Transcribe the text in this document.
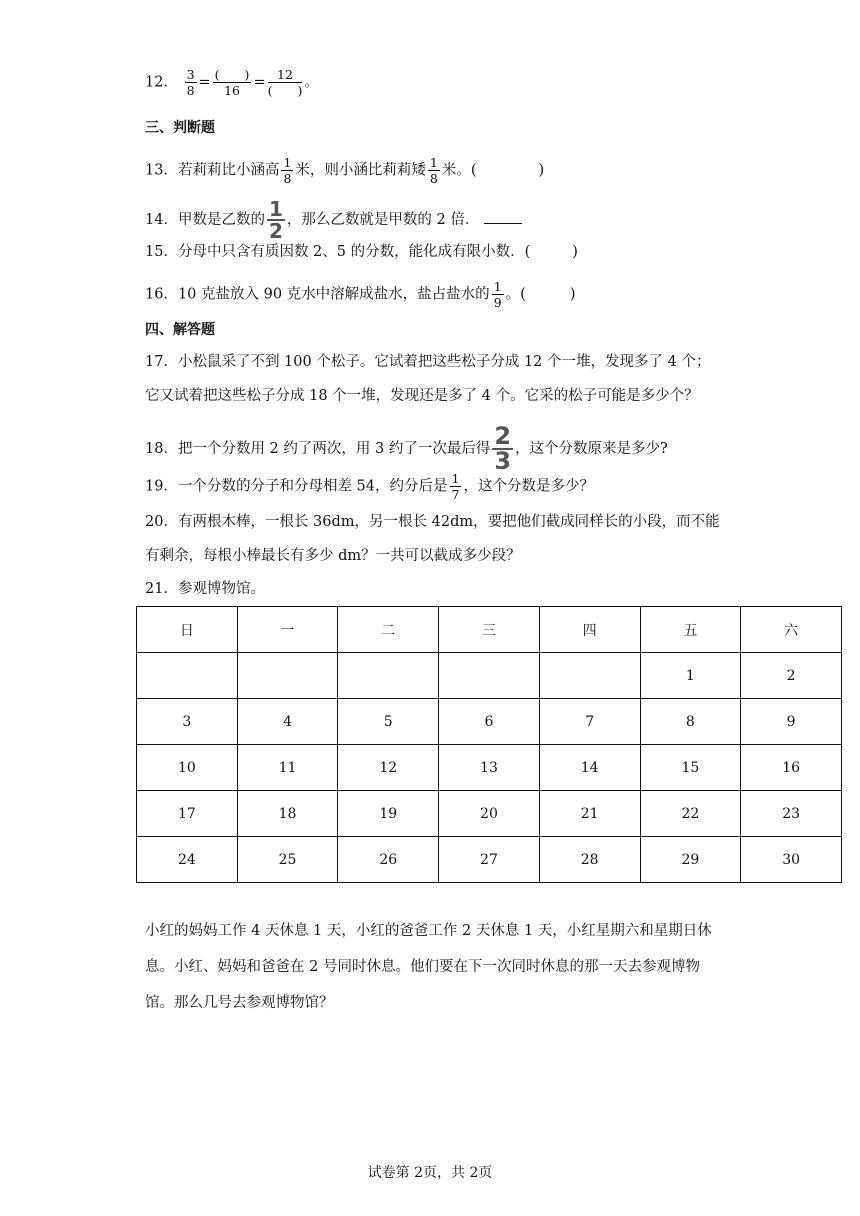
12． $\frac{3}{8} = \frac{( )}{16} = \frac{12}{( )}$ 。
三、判断题
13．若莉莉比小涵高 $\frac{1}{8}$ 米，则小涵比莉莉矮 $\frac{1}{8}$ 米。(	)
14．甲数是乙数的 $\frac{1}{2}$ ，那么乙数就是甲数的 2 倍．
15．分母中只含有质因数 2、5 的分数，能化成有限小数．(	)
16．10 克盐放入 90 克水中溶解成盐水，盐占盐水的 $\frac{1}{9}$ 。(	)
四、解答题
17．小松鼠采了不到 100 个松子。它试着把这些松子分成 12 个一堆，发现多了 4 个；
它又试着把这些松子分成 18 个一堆，发现还是多了 4 个。它采的松子可能是多少个？
18．把一个分数用 2 约了两次，用 3 约了一次最后得 $\frac{2}{3}$ ，这个分数原来是多少?
19．一个分数的分子和分母相差 54，约分后是 $\frac{1}{7}$ ，这个分数是多少？
20．有两根木棒，一根长 36dm，另一根长 42dm，要把他们截成同样长的小段，而不能
有剩余，每根小棒最长有多少 dm？一共可以截成多少段？
21．参观博物馆。
日	一	二	三	四	五	六
					1	2
3	4	5	6	7	8	9
10	11	12	13	14	15	16
17	18	19	20	21	22	23
24	25	26	27	28	29	30
小红的妈妈工作 4 天休息 1 天，小红的爸爸工作 2 天休息 1 天，小红星期六和星期日休
息。小红、妈妈和爸爸在 2 号同时休息。他们要在下一次同时休息的那一天去参观博物
馆。那么几号去参观博物馆？
试卷第 2页，共 2页
